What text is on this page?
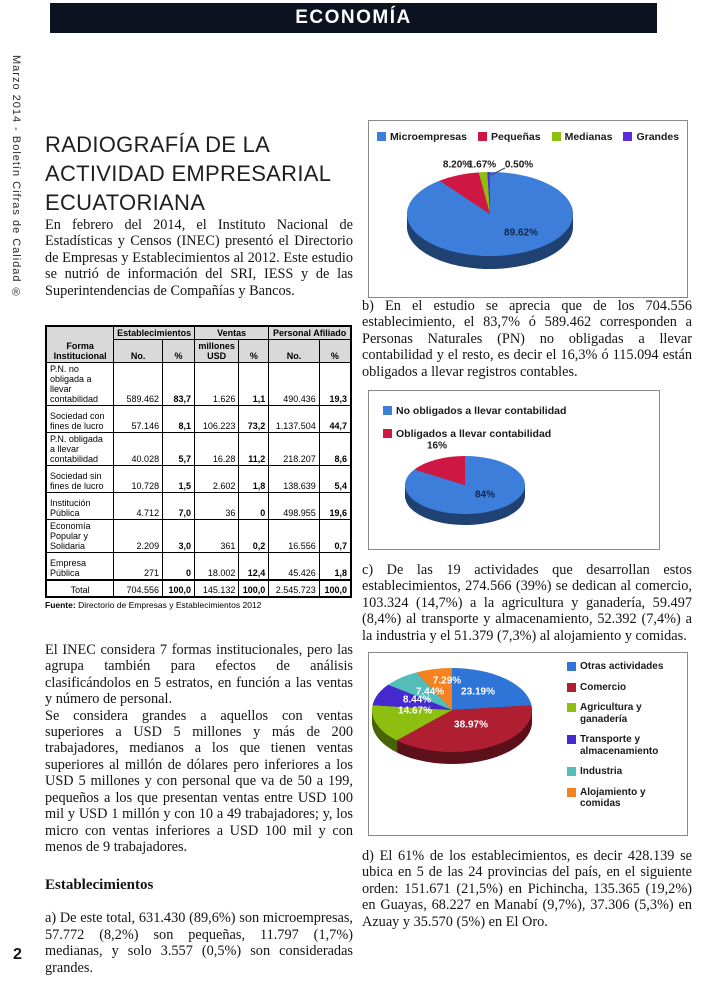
ECONOMÍA
Marzo 2014 - Boletín Cifras de Calidad ®
2
RADIOGRAFÍA DE LA ACTIVIDAD EMPRESARIAL ECUATORIANA

En febrero del 2014, el Instituto Nacional de Estadísticas y Censos (INEC) presentó el Directorio de Empresas y Establecimientos al 2012. Este estudio se nutrió de información del SRI, IESS y de las Superintendencias de Compañías y Bancos.

Forma Institucional	Establecimientos		Ventas		Personal Afiliado	
	No.	%	millones USD	%	No.	%
P.N. no obligada a llevar contabilidad	589.462	83,7	1.626	1,1	490.436	19,3
Sociedad con fines de lucro	57.146	8,1	106.223	73,2	1.137.504	44,7
P.N. obligada a llevar contabilidad	40.028	5,7	16.28	11,2	218.207	8,6
Sociedad sin fines de lucro	10.728	1,5	2.602	1,8	138.639	5,4
Institución Pública	4.712	7,0	36	0	498.955	19,6
Economía Popular y Solidaria	2.209	3,0	361	0,2	16.556	0,7
Empresa Pública	271	0	18.002	12,4	45.426	1,8
Total	704.556	100,0	145.132	100,0	2.545.723	100,0
Fuente: Directorio de Empresas y Establecimientos 2012

El INEC considera 7 formas institucionales, pero las agrupa también para efectos de análisis clasificándolos en 5 estratos, en función a las ventas y número de personal.

Se considera grandes a aquellos con ventas superiores a USD 5 millones y más de 200 trabajadores, medianos a los que tienen ventas superiores al millón de dólares pero inferiores a los USD 5 millones y con personal que va de 50 a 199, pequeños a los que presentan ventas entre USD 100 mil y USD 1 millón y con 10 a 49 trabajadores; y, los micro con ventas inferiores a USD 100 mil y con menos de 9 trabajadores.

Establecimientos

a) De este total, 631.430 (89,6%) son microempresas, 57.772 (8,2%) son pequeñas, 11.797 (1,7%) medianas, y solo 3.557 (0,5%) son consideradas grandes.

Microempresas Pequeñas Medianas Grandes
8.20%
1.67% 0.50%
89.62%

b) En el estudio se aprecia que de los 704.556 establecimiento, el 83,7% ó 589.462 corresponden a Personas Naturales (PN) no obligadas a llevar contabilidad y el resto, es decir el 16,3% ó 115.094 están obligados a llevar registros contables.

No obligados a llevar contabilidad
Obligados a llevar contabilidad
16%
84%

c) De las 19 actividades que desarrollan estos establecimientos, 274.566 (39%) se dedican al comercio, 103.324 (14,7%) a la agricultura y ganadería, 59.497 (8,4%) al transporte y almacenamiento, 52.392 (7,4%) a la industria y el 51.379 (7,3%) al alojamiento y comidas.

Otras actividades
Comercio
Agricultura y ganadería
Transporte y almacenamiento
Industria
Alojamiento y comidas
7.29%
23.19%
7.44%
8.44%
14.67%
38.97%

d) El 61% de los establecimientos, es decir 428.139 se ubica en 5 de las 24 provincias del país, en el siguiente orden: 151.671 (21,5%) en Pichincha, 135.365 (19,2%) en Guayas, 68.227 en Manabí (9,7%), 37.306 (5,3%) en Azuay y 35.570 (5%) en El Oro.
